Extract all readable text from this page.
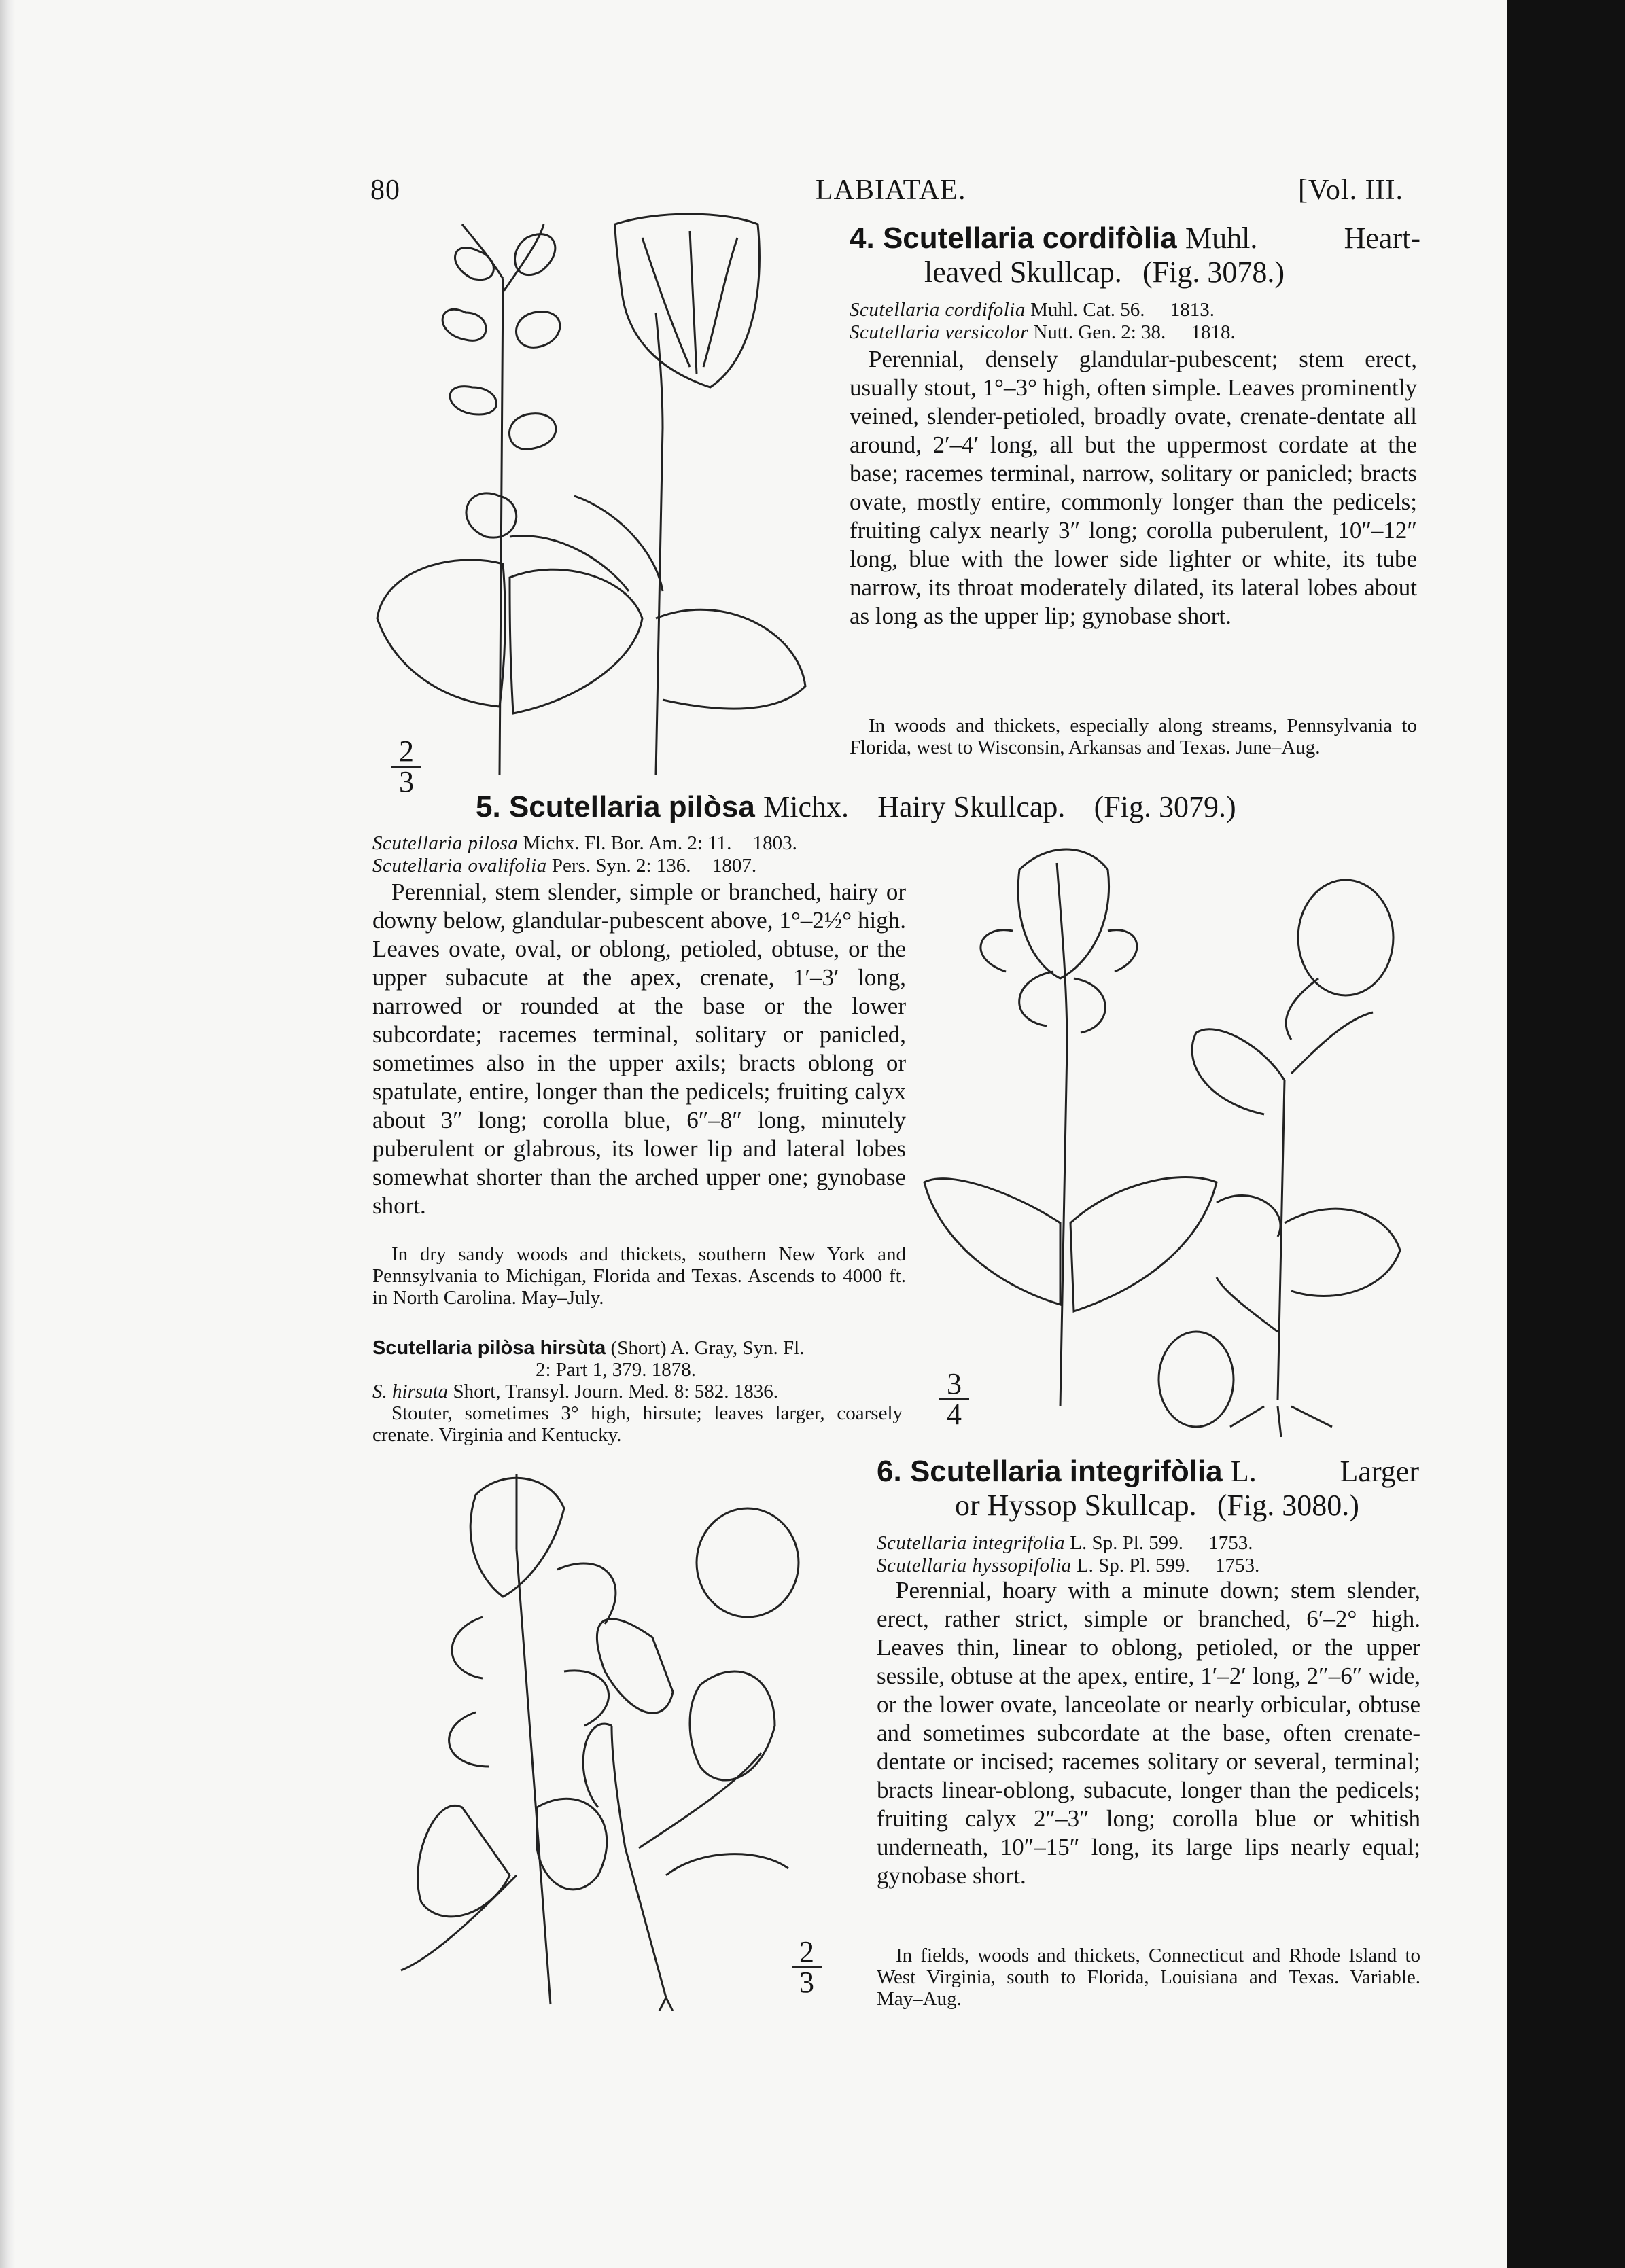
80	LABIATAE.	[Vol. III.
$\frac{2}{3}$
4. Scutellaria cordifòlia Muhl.	Heart-
leaved Skullcap. (Fig. 3078.)
Scutellaria cordifolia Muhl. Cat. 56. 1813.
Scutellaria versicolor Nutt. Gen. 2: 38. 1818.
Perennial, densely glandular-pubescent; stem erect, usually stout, 1°–3° high, often simple. Leaves prominently veined, slender-petioled, broadly ovate, crenate-dentate all around, 2′–4′ long, all but the uppermost cordate at the base; racemes terminal, narrow, solitary or panicled; bracts ovate, mostly entire, commonly longer than the pedicels; fruiting calyx nearly 3″ long; corolla puberulent, 10″–12″ long, blue with the lower side lighter or white, its tube narrow, its throat moderately dilated, its lateral lobes about as long as the upper lip; gynobase short.
In woods and thickets, especially along streams, Pennsylvania to Florida, west to Wisconsin, Arkansas and Texas. June–Aug.
5. Scutellaria pilòsa Michx. Hairy Skullcap. (Fig. 3079.)
Scutellaria pilosa Michx. Fl. Bor. Am. 2: 11. 1803.
Scutellaria ovalifolia Pers. Syn. 2: 136. 1807.
Perennial, stem slender, simple or branched, hairy or downy below, glandular-pubescent above, 1°–2½° high. Leaves ovate, oval, or oblong, petioled, obtuse, or the upper subacute at the apex, crenate, 1′–3′ long, narrowed or rounded at the base or the lower subcordate; racemes terminal, solitary or panicled, sometimes also in the upper axils; bracts oblong or spatulate, entire, longer than the pedicels; fruiting calyx about 3″ long; corolla blue, 6″–8″ long, minutely puberulent or glabrous, its lower lip and lateral lobes somewhat shorter than the arched upper one; gynobase short.
In dry sandy woods and thickets, southern New York and Pennsylvania to Michigan, Florida and Texas. Ascends to 4000 ft. in North Carolina. May–July.
Scutellaria pilòsa hirsùta (Short) A. Gray, Syn. Fl.
2: Part 1, 379. 1878.
S. hirsuta Short, Transyl. Journ. Med. 8: 582. 1836.
Stouter, sometimes 3° high, hirsute; leaves larger, coarsely crenate. Virginia and Kentucky.
$\frac{3}{4}$
6. Scutellaria integrifòlia L.	Larger
or Hyssop Skullcap. (Fig. 3080.)
Scutellaria integrifolia L. Sp. Pl. 599. 1753.
Scutellaria hyssopifolia L. Sp. Pl. 599. 1753.
Perennial, hoary with a minute down; stem slender, erect, rather strict, simple or branched, 6′–2° high. Leaves thin, linear to oblong, petioled, or the upper sessile, obtuse at the apex, entire, 1′–2′ long, 2″–6″ wide, or the lower ovate, lanceolate or nearly orbicular, obtuse and sometimes subcordate at the base, often crenate-dentate or incised; racemes solitary or several, terminal; bracts linear-oblong, subacute, longer than the pedicels; fruiting calyx 2″–3″ long; corolla blue or whitish underneath, 10″–15″ long, its large lips nearly equal; gynobase short.
In fields, woods and thickets, Connecticut and Rhode Island to West Virginia, south to Florida, Louisiana and Texas. Variable. May–Aug.
$\frac{2}{3}$
